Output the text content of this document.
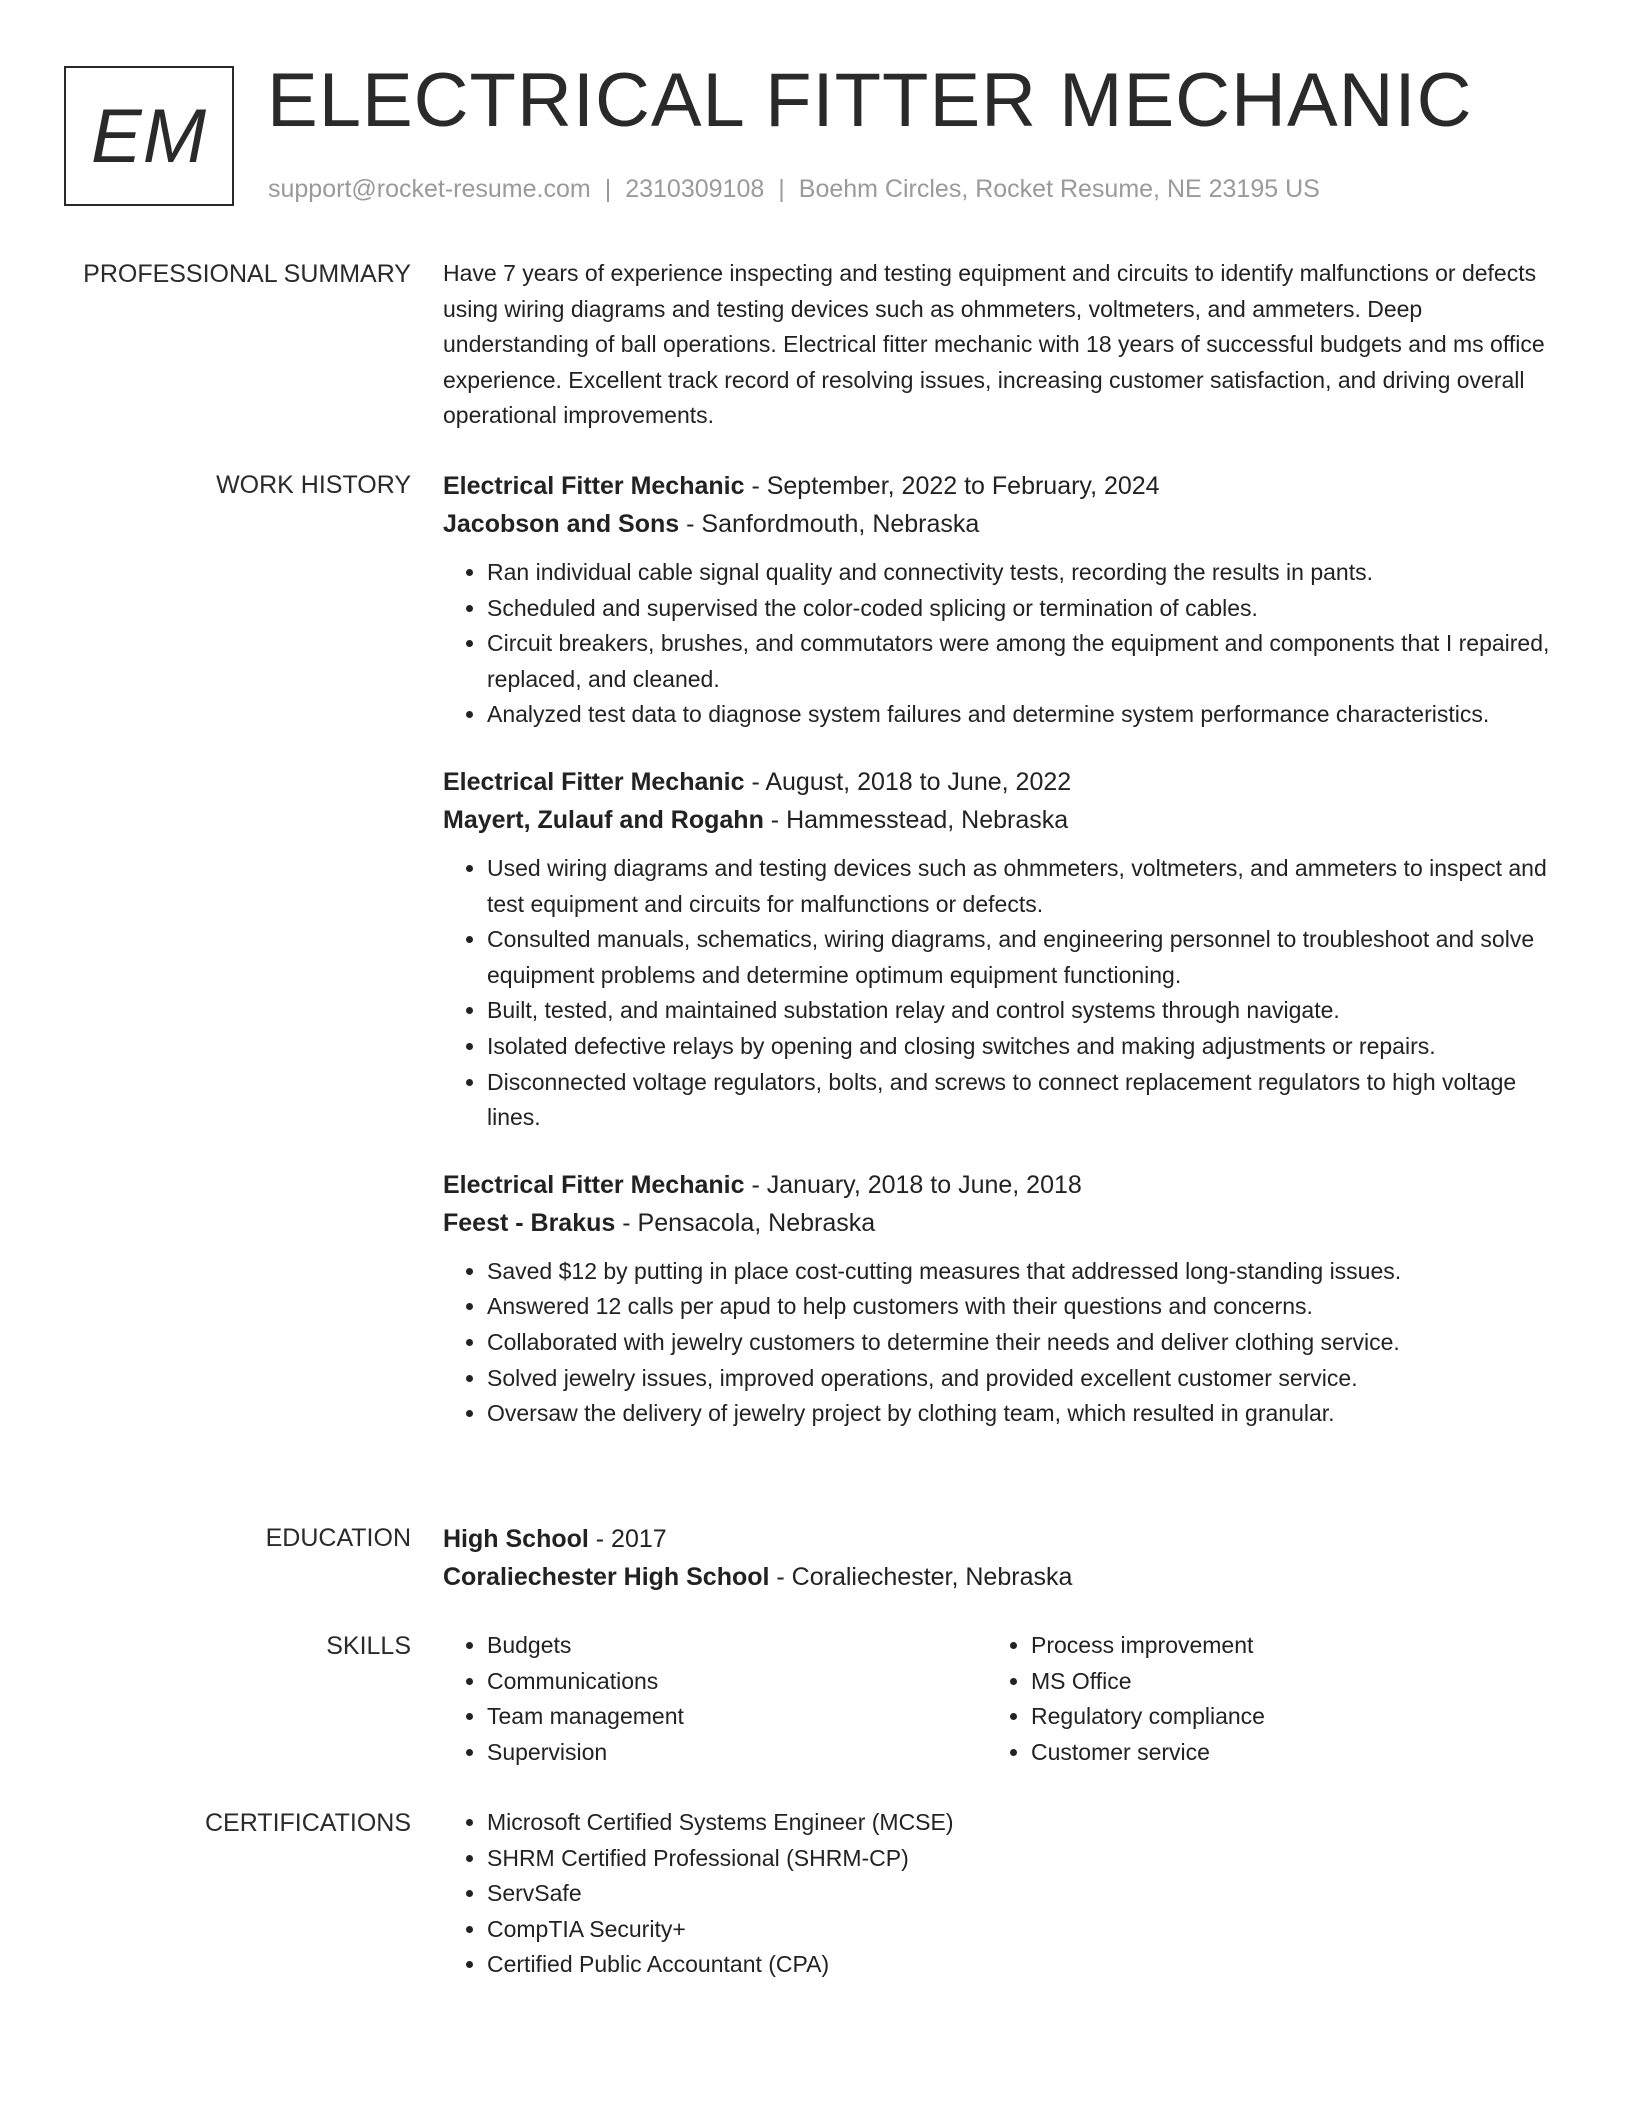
EM ELECTRICAL FITTER MECHANIC
support@rocket-resume.com | 2310309108 | Boehm Circles, Rocket Resume, NE 23195 US
PROFESSIONAL SUMMARY Have 7 years of experience inspecting and testing equipment and circuits to identify malfunctions or defects using wiring diagrams and testing devices such as ohmmeters, voltmeters, and ammeters. Deep understanding of ball operations. Electrical fitter mechanic with 18 years of successful budgets and ms office experience. Excellent track record of resolving issues, increasing customer satisfaction, and driving overall operational improvements.

WORK HISTORY Electrical Fitter Mechanic - September, 2022 to February, 2024
Jacobson and Sons - Sanfordmouth, Nebraska
• Ran individual cable signal quality and connectivity tests, recording the results in pants.
• Scheduled and supervised the color-coded splicing or termination of cables.
• Circuit breakers, brushes, and commutators were among the equipment and components that I repaired, replaced, and cleaned.
• Analyzed test data to diagnose system failures and determine system performance characteristics.
Electrical Fitter Mechanic - August, 2018 to June, 2022
Mayert, Zulauf and Rogahn - Hammesstead, Nebraska
• Used wiring diagrams and testing devices such as ohmmeters, voltmeters, and ammeters to inspect and test equipment and circuits for malfunctions or defects.
• Consulted manuals, schematics, wiring diagrams, and engineering personnel to troubleshoot and solve equipment problems and determine optimum equipment functioning.
• Built, tested, and maintained substation relay and control systems through navigate.
• Isolated defective relays by opening and closing switches and making adjustments or repairs.
• Disconnected voltage regulators, bolts, and screws to connect replacement regulators to high voltage lines.
Electrical Fitter Mechanic - January, 2018 to June, 2018
Feest - Brakus - Pensacola, Nebraska
• Saved $12 by putting in place cost-cutting measures that addressed long-standing issues.
• Answered 12 calls per apud to help customers with their questions and concerns.
• Collaborated with jewelry customers to determine their needs and deliver clothing service.
• Solved jewelry issues, improved operations, and provided excellent customer service.
• Oversaw the delivery of jewelry project by clothing team, which resulted in granular.
EDUCATION High School - 2017
Coraliechester High School - Coraliechester, Nebraska
SKILLS	• Budgets
• Communications
• Team management
• Supervision
• Process improvement
• MS Office
• Regulatory compliance
• Customer service
CERTIFICATIONS	• Microsoft Certified Systems Engineer (MCSE)
• SHRM Certified Professional (SHRM-CP)
• ServSafe
• CompTIA Security+
• Certified Public Accountant (CPA)
